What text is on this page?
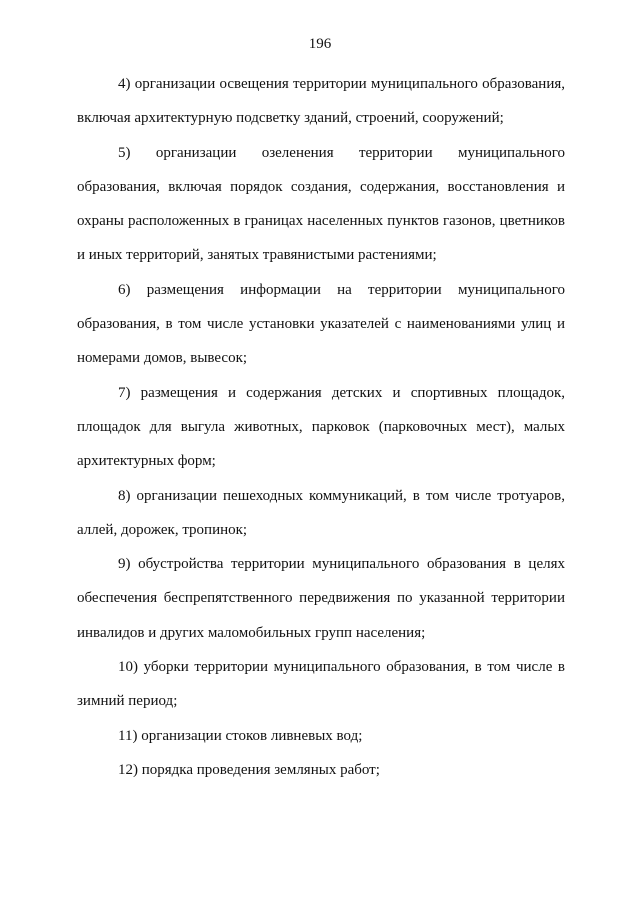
196

4) организации освещения территории муниципального образования, включая архитектурную подсветку зданий, строений, сооружений;

5) организации озеленения территории муниципального образования, включая порядок создания, содержания, восстановления и охраны расположенных в границах населенных пунктов газонов, цветников и иных территорий, занятых травянистыми растениями;

6) размещения информации на территории муниципального образования, в том числе установки указателей с наименованиями улиц и номерами домов, вывесок;

7) размещения и содержания детских и спортивных площадок, площадок для выгула животных, парковок (парковочных мест), малых архитектурных форм;

8) организации пешеходных коммуникаций, в том числе тротуаров, аллей, дорожек, тропинок;

9) обустройства территории муниципального образования в целях обеспечения беспрепятственного передвижения по указанной территории инвалидов и других маломобильных групп населения;

10) уборки территории муниципального образования, в том числе в зимний период;

11) организации стоков ливневых вод;

12) порядка проведения земляных работ;
